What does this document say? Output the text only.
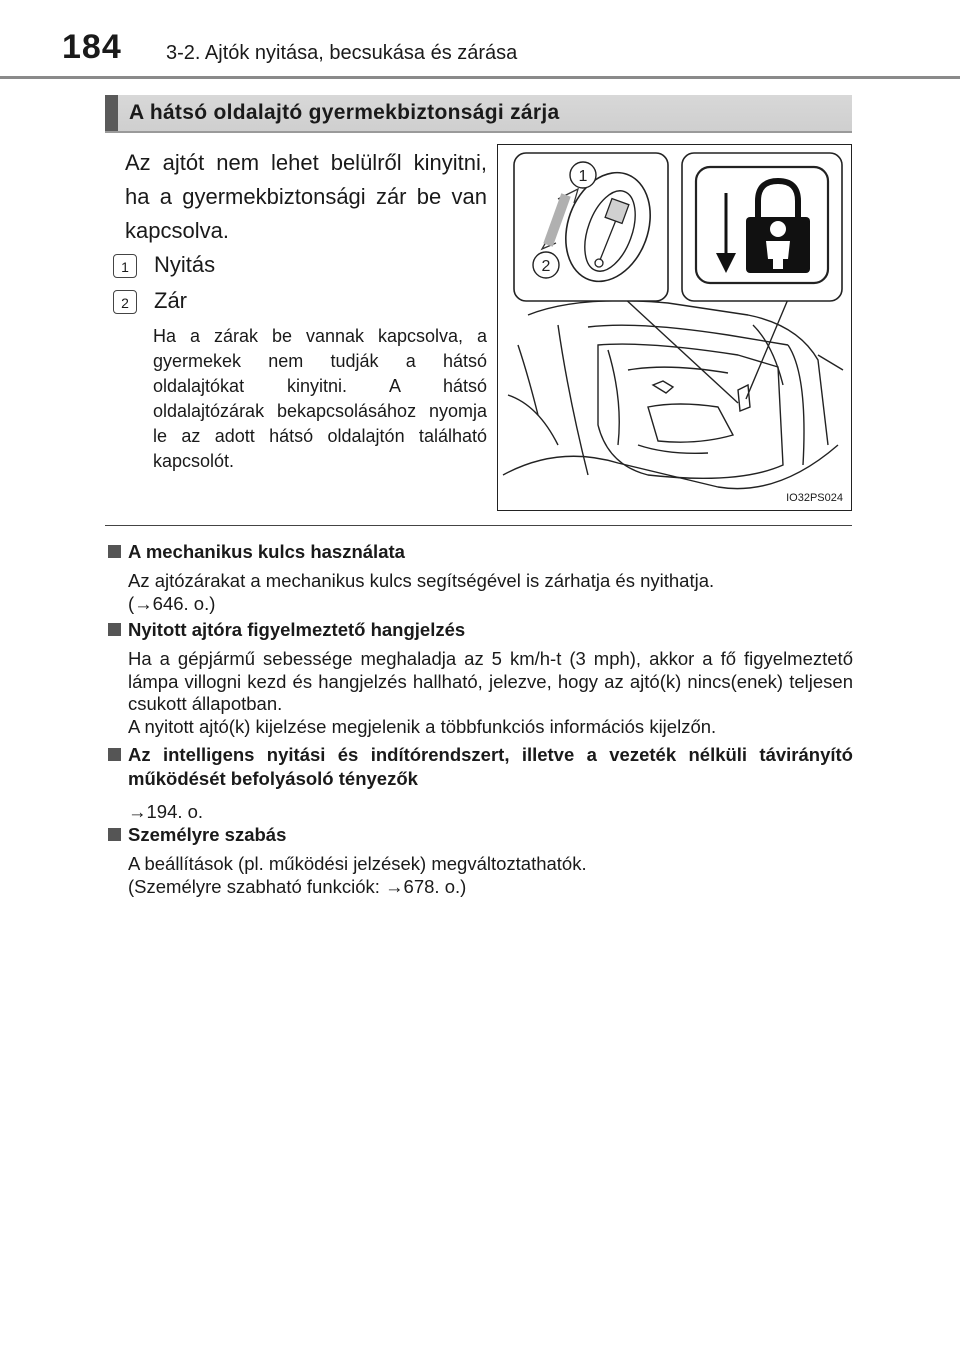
184 3-2. Ajtók nyitása, becsukása és zárása
A hátsó oldalajtó gyermekbiztonsági zárja
Az ajtót nem lehet belülről kinyitni, ha a gyermekbiztonsági zár be van kapcsolva.
1	Nyitás
2	Zár
Ha a zárak be vannak kapcsolva, a gyermekek nem tudják a hátsó oldalajtókat kinyitni. A hátsó oldalajtózárak bekapcsolásához nyomja le az adott hátsó oldalajtón található kapcsolót.
1
2
IO32PS024
A mechanikus kulcs használata

Az ajtózárakat a mechanikus kulcs segítségével is zárhatja és nyithatja.

(→646. o.)

Nyitott ajtóra figyelmeztető hangjelzés

Ha a gépjármű sebessége meghaladja az 5 km/h-t (3 mph), akkor a fő figyelmeztető lámpa villogni kezd és hangjelzés hallható, jelezve, hogy az ajtó(k) nincs(enek) teljesen csukott állapotban.

A nyitott ajtó(k) kijelzése megjelenik a többfunkciós információs kijelzőn.

Az intelligens nyitási és indítórendszert, illetve a vezeték nélküli távirányító működését befolyásoló tényezők

→194. o.

Személyre szabás

A beállítások (pl. működési jelzések) megváltoztathatók.

(Személyre szabható funkciók: →678. o.)
